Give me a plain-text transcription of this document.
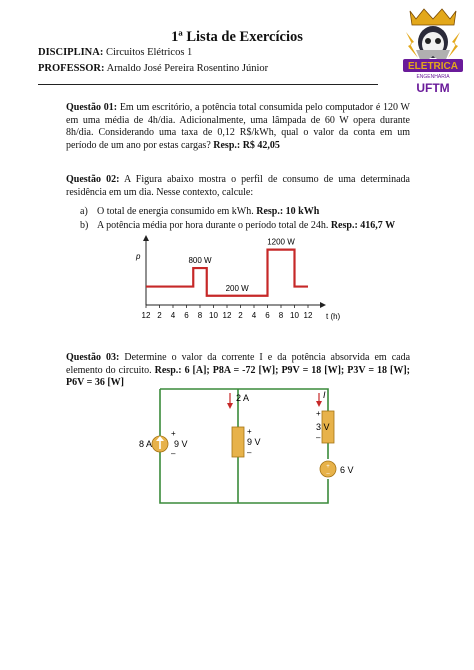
1ª Lista de Exercícios
DISCIPLINA: Circuitos Elétricos 1
PROFESSOR: Arnaldo José Pereira Rosentino Júnior	ELETRICA
ENGENHARIA
UFTM
Questão 01: Em um escritório, a potência total consumida pelo computador é 120 W em uma média de 4h/dia. Adicionalmente, uma lâmpada de 60 W opera durante 8h/dia. Considerando uma taxa de 0,12 R$/kWh, qual o valor da conta em um período de um ano por estas cargas? Resp.: R$ 42,05
Questão 02: A Figura abaixo mostra o perfil de consumo de uma determinada residência em um dia. Nesse contexto, calcule:
a) O total de energia consumido em kWh. Resp.: 10 kWh
b) A potência média por hora durante o período total de 24h. Resp.: 416,7 W
12 2 4 6 8 10 12 2 4 6 8 10 12
800 W
200 W
1200 W
p
t (h)
Questão 03: Determine o valor da corrente I e da potência absorvida em cada elemento do circuito. Resp.: 6 [A]; P8A = -72 [W]; P9V = 18 [W]; P3V = 18 [W]; P6V = 36 [W]
8 A
+
9 V
–
+
9 V
–
2 A
+
3 V
–
I
+
– 6 V
